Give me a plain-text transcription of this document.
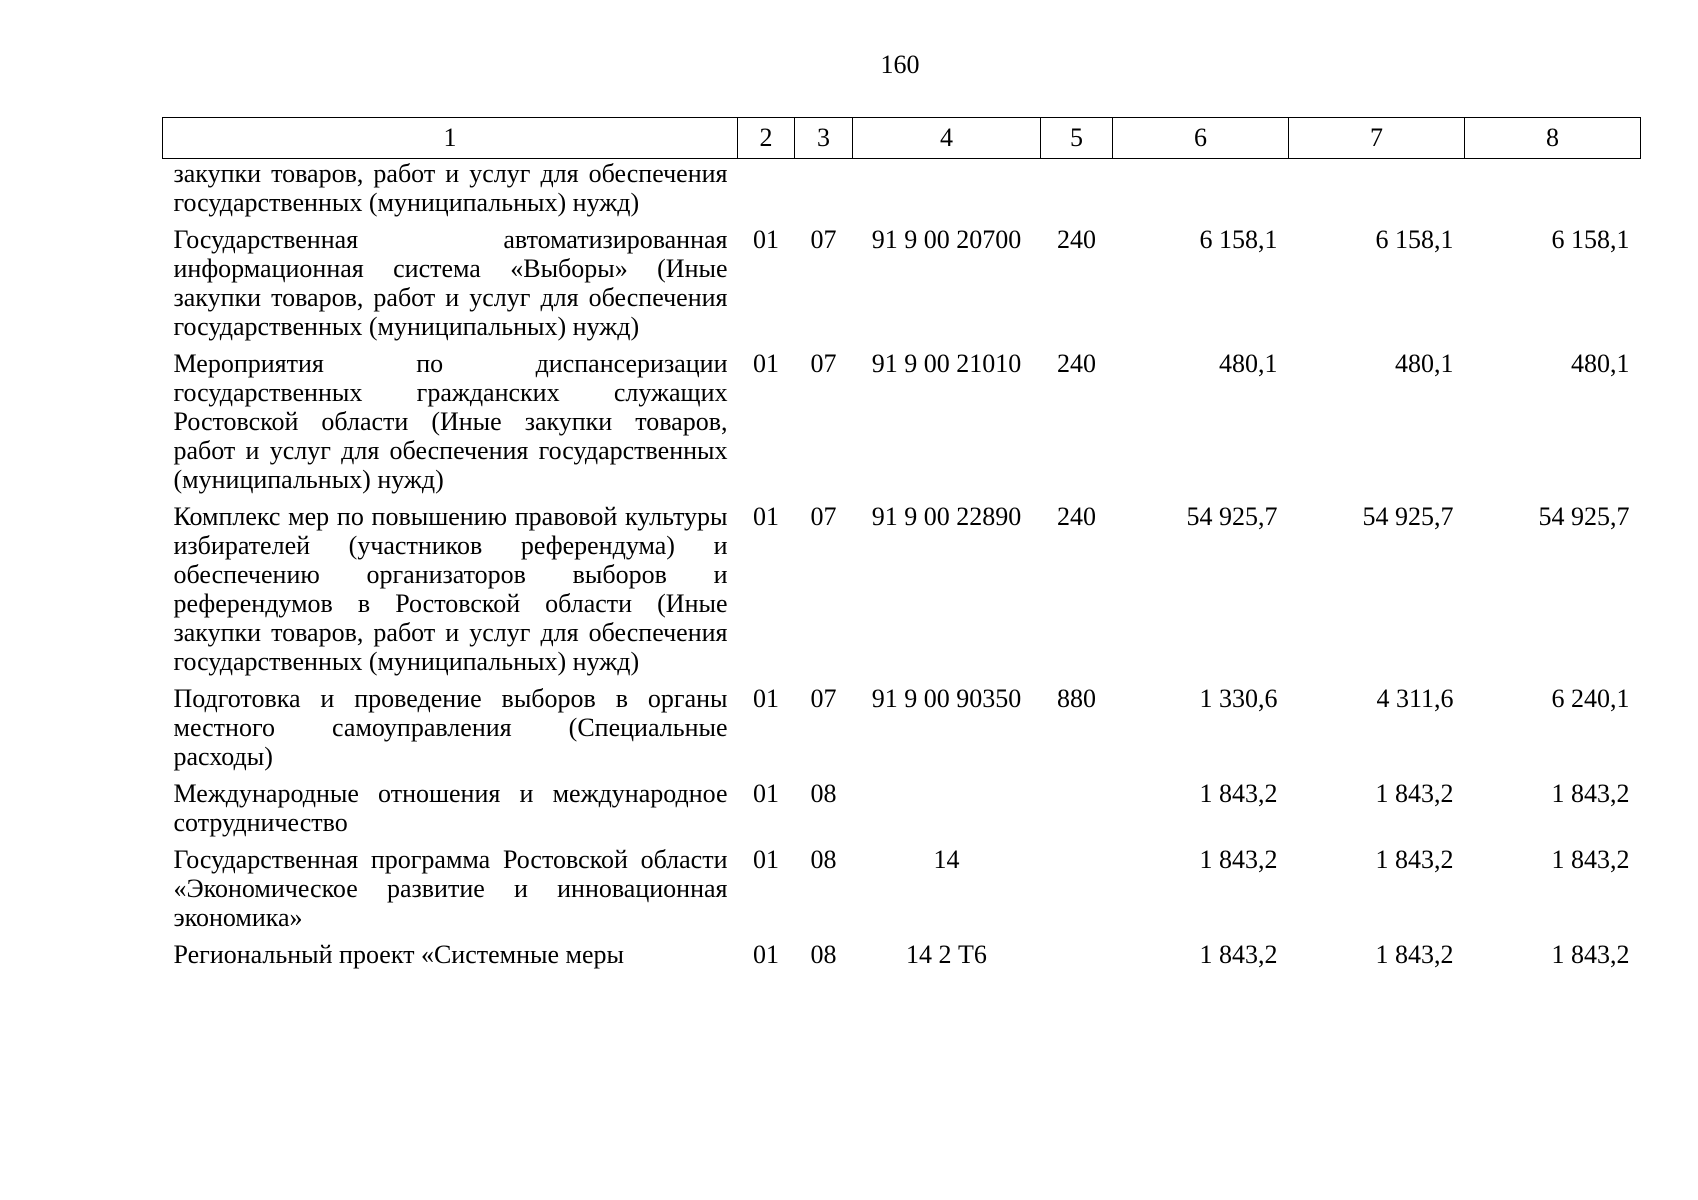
160
1	2	3	4	5	6	7	8
закупки товаров, работ и услуг для обеспечения государственных (муниципальных) нужд)							
Государственная автоматизированная информационная система «Выборы» (Иные закупки товаров, работ и услуг для обеспечения государственных (муниципальных) нужд)	01	07	91 9 00 20700	240	6 158,1	6 158,1	6 158,1
Мероприятия по диспансеризации государственных гражданских служащих Ростовской области (Иные закупки товаров, работ и услуг для обеспечения государственных (муниципальных) нужд)	01	07	91 9 00 21010	240	480,1	480,1	480,1
Комплекс мер по повышению правовой культуры избирателей (участников референдума) и обеспечению организаторов выборов и референдумов в Ростовской области (Иные закупки товаров, работ и услуг для обеспечения государственных (муниципальных) нужд)	01	07	91 9 00 22890	240	54 925,7	54 925,7	54 925,7
Подготовка и проведение выборов в органы местного самоуправления (Специальные расходы)	01	07	91 9 00 90350	880	1 330,6	4 311,6	6 240,1
Международные отношения и международное сотрудничество	01	08			1 843,2	1 843,2	1 843,2
Государственная программа Ростовской области «Экономическое развитие и инновационная экономика»	01	08	14		1 843,2	1 843,2	1 843,2
Региональный проект «Системные меры	01	08	14 2 Т6		1 843,2	1 843,2	1 843,2
